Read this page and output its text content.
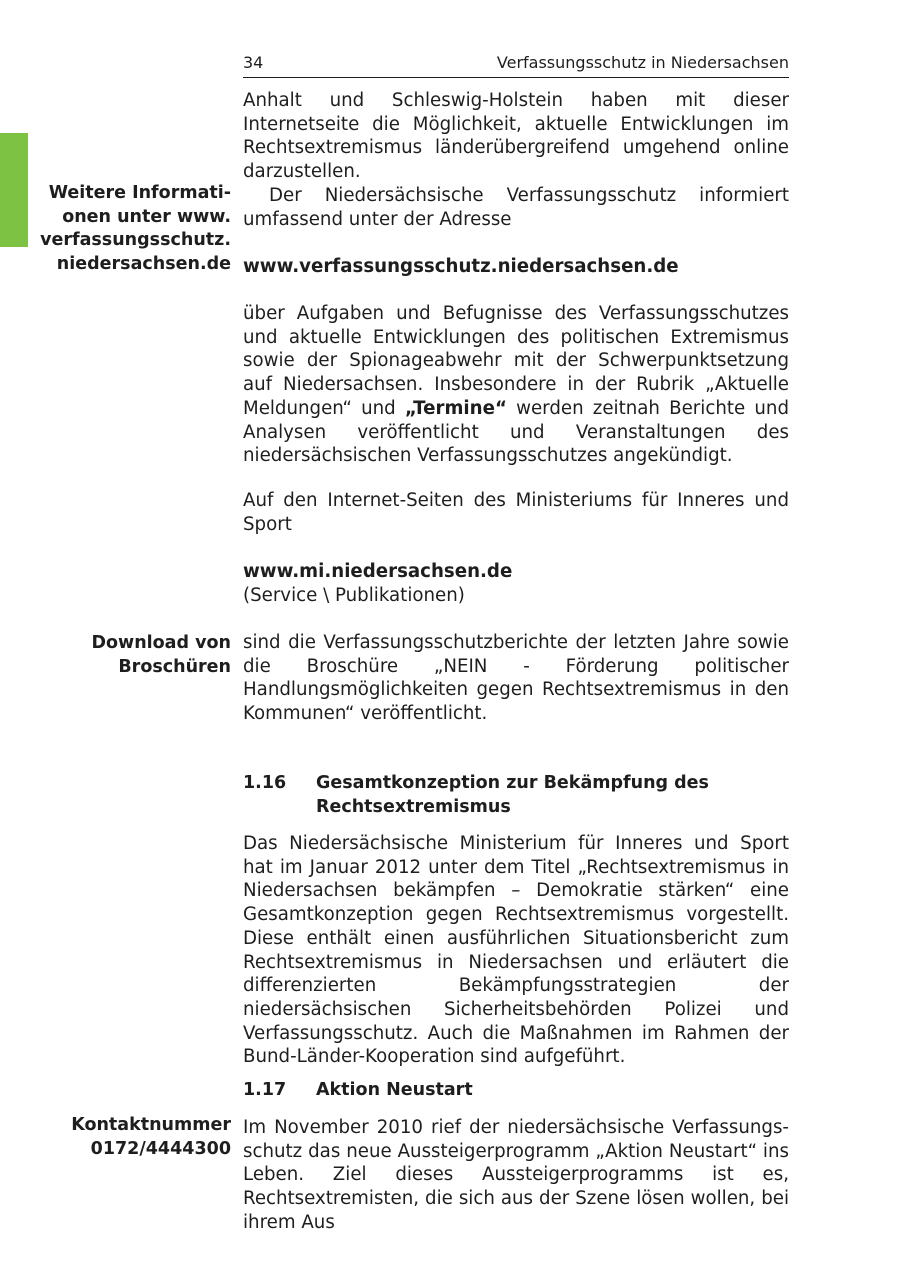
34	Verfassungsschutz in Niedersachsen

Anhalt und Schleswig-Holstein haben mit dieser Internetseite die Möglichkeit, aktuelle Entwicklungen im Rechtsextremismus länderübergreifend umgehend online darzustellen.

Weitere Informati-
onen unter www.
verfassungsschutz.
niedersachsen.de

Der Niedersächsische Verfassungsschutz informiert umfassend unter der Adresse

www.verfassungsschutz.niedersachsen.de

über Aufgaben und Befugnisse des Verfassungsschutzes und aktuelle Entwicklungen des politischen Extremismus sowie der Spionageabwehr mit der Schwerpunktsetzung auf Niedersachsen. Insbesondere in der Rubrik „Aktuelle Meldungen“ und „Termine“ werden zeitnah Berichte und Analysen veröffentlicht und Veranstaltungen des niedersächsischen Verfassungsschutzes angekündigt.

Auf den Internet-Seiten des Ministeriums für Inneres und Sport

www.mi.niedersachsen.de

(Service \ Publikationen)

Download von
Broschüren

sind die Verfassungsschutzberichte der letzten Jahre sowie die Broschüre „NEIN - Förderung politischer Handlungsmöglichkeiten gegen Rechtsextremismus in den Kommunen“ veröffentlicht.

1.16 Gesamtkonzeption zur Bekämpfung des Rechtsextremismus

Das Niedersächsische Ministerium für Inneres und Sport hat im Januar 2012 unter dem Titel „Rechtsextremismus in Niedersachsen bekämpfen – Demokratie stärken“ eine Gesamtkonzeption gegen Rechtsextremismus vorgestellt. Diese enthält einen ausführlichen Situationsbericht zum Rechtsextremismus in Niedersachsen und erläutert die differenzierten Bekämpfungsstrategien der niedersächsischen Sicherheitsbehörden Polizei und Verfassungsschutz. Auch die Maßnahmen im Rahmen der Bund-Länder-Kooperation sind aufgeführt.

1.17 Aktion Neustart
Kontaktnummer
0172/4444300

Im November 2010 rief der niedersächsische Verfassungsschutz das neue Aussteigerprogramm „Aktion Neustart“ ins Leben. Ziel dieses Aussteigerprogramms ist es, Rechtsextremisten, die sich aus der Szene lösen wollen, bei ihrem Aus
